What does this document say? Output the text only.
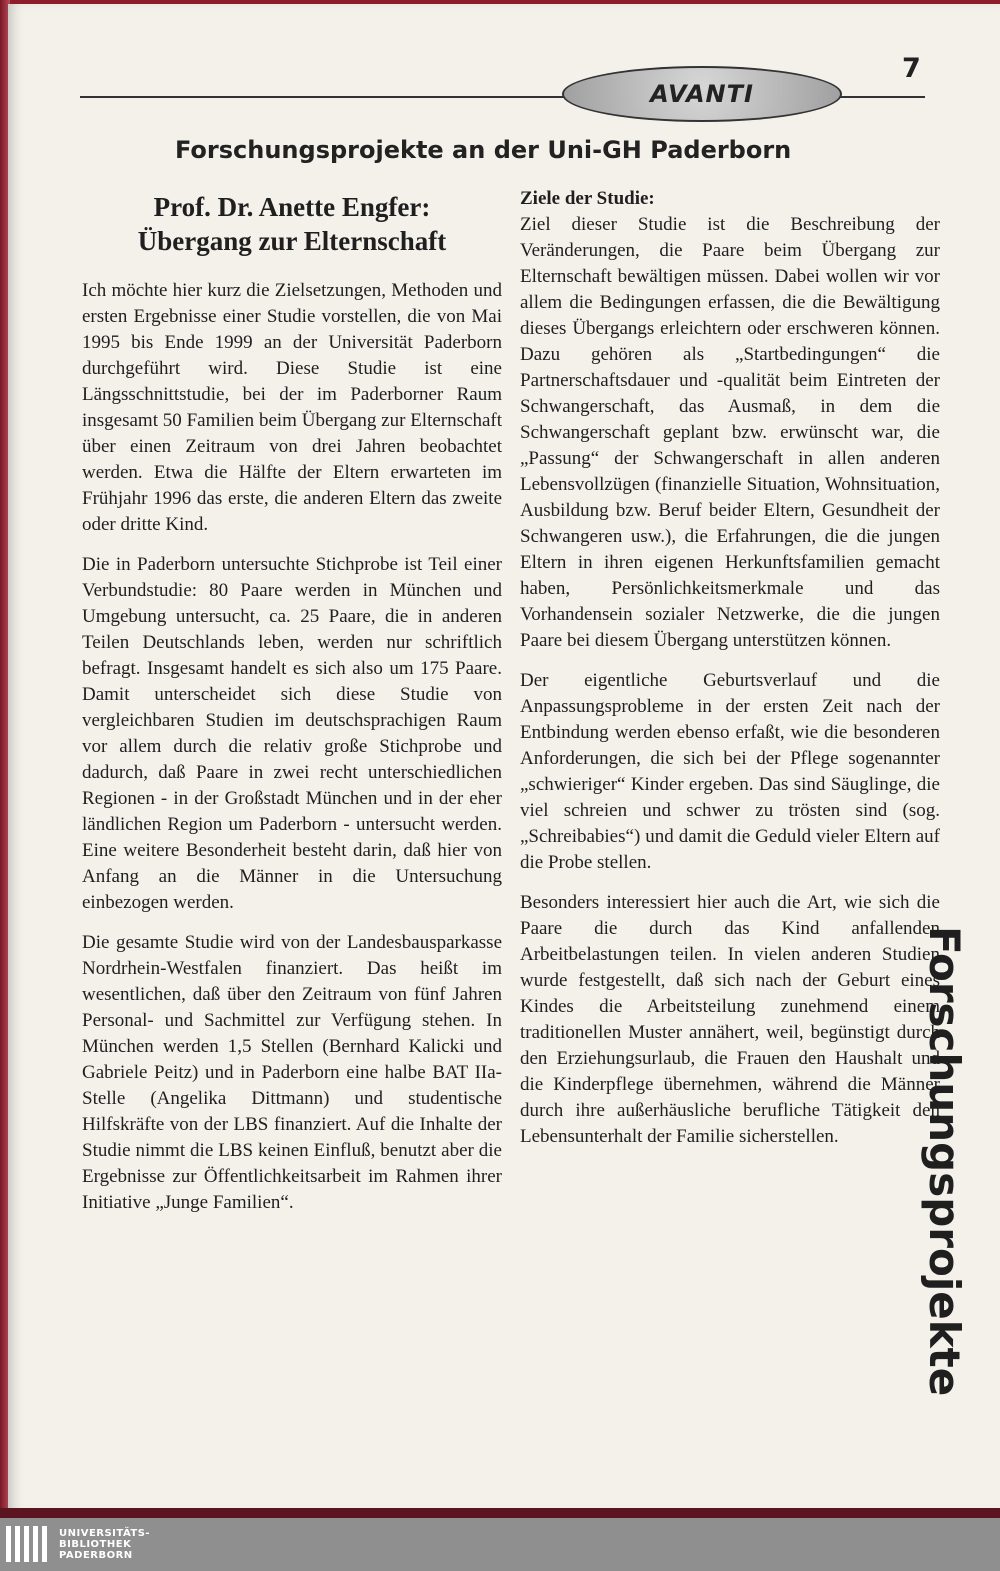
7
AVANTI
Forschungsprojekte an der Uni-GH Paderborn
Prof. Dr. Anette Engfer:
Übergang zur Elternschaft

Ich möchte hier kurz die Zielsetzungen, Methoden und ersten Ergebnisse einer Studie vorstellen, die von Mai 1995 bis Ende 1999 an der Universität Paderborn durchgeführt wird. Diese Studie ist eine Längsschnittstudie, bei der im Paderborner Raum insgesamt 50 Familien beim Übergang zur Elternschaft über einen Zeitraum von drei Jahren beobachtet werden. Etwa die Hälfte der Eltern erwarteten im Frühjahr 1996 das erste, die anderen Eltern das zweite oder dritte Kind.

Die in Paderborn untersuchte Stichprobe ist Teil einer Verbundstudie: 80 Paare werden in München und Umgebung untersucht, ca. 25 Paare, die in anderen Teilen Deutschlands leben, werden nur schriftlich befragt. Insgesamt handelt es sich also um 175 Paare. Damit unterscheidet sich diese Studie von vergleichbaren Studien im deutschsprachigen Raum vor allem durch die relativ große Stichprobe und dadurch, daß Paare in zwei recht unterschiedlichen Regionen - in der Großstadt München und in der eher ländlichen Region um Paderborn - untersucht werden. Eine weitere Besonderheit besteht darin, daß hier von Anfang an die Männer in die Untersuchung einbezogen werden.

Die gesamte Studie wird von der Landesbausparkasse Nordrhein-Westfalen finanziert. Das heißt im wesentlichen, daß über den Zeitraum von fünf Jahren Personal- und Sachmittel zur Verfügung stehen. In München werden 1,5 Stellen (Bernhard Kalicki und Gabriele Peitz) und in Paderborn eine halbe BAT IIa-Stelle (Angelika Dittmann) und studentische Hilfskräfte von der LBS finanziert. Auf die Inhalte der Studie nimmt die LBS keinen Einfluß, benutzt aber die Ergebnisse zur Öffentlichkeitsarbeit im Rahmen ihrer Initiative „Junge Familien“.

Ziele der Studie:

Ziel dieser Studie ist die Beschreibung der Veränderungen, die Paare beim Übergang zur Elternschaft bewältigen müssen. Dabei wollen wir vor allem die Bedingungen erfassen, die die Bewältigung dieses Übergangs erleichtern oder erschweren können. Dazu gehören als „Startbedingungen“ die Partnerschaftsdauer und -qualität beim Eintreten der Schwangerschaft, das Ausmaß, in dem die Schwangerschaft geplant bzw. erwünscht war, die „Passung“ der Schwangerschaft in allen anderen Lebensvollzügen (finanzielle Situation, Wohnsituation, Ausbildung bzw. Beruf beider Eltern, Gesundheit der Schwangeren usw.), die Erfahrungen, die die jungen Eltern in ihren eigenen Herkunftsfamilien gemacht haben, Persönlichkeitsmerkmale und das Vorhandensein sozialer Netzwerke, die die jungen Paare bei diesem Übergang unterstützen können.

Der eigentliche Geburtsverlauf und die Anpassungsprobleme in der ersten Zeit nach der Entbindung werden ebenso erfaßt, wie die besonderen Anforderungen, die sich bei der Pflege sogenannter „schwieriger“ Kinder ergeben. Das sind Säuglinge, die viel schreien und schwer zu trösten sind (sog. „Schreibabies“) und damit die Geduld vieler Eltern auf die Probe stellen.

Besonders interessiert hier auch die Art, wie sich die Paare die durch das Kind anfallenden Arbeitbelastungen teilen. In vielen anderen Studien wurde festgestellt, daß sich nach der Geburt eines Kindes die Arbeitsteilung zunehmend einem traditionellen Muster annähert, weil, begünstigt durch den Erziehungsurlaub, die Frauen den Haushalt und die Kinderpflege übernehmen, während die Männer durch ihre außerhäusliche berufliche Tätigkeit den Lebensunterhalt der Familie sicherstellen.	Forschungsprojekte
UNIVERSITÄTS-
BIBLIOTHEK
PADERBORN
